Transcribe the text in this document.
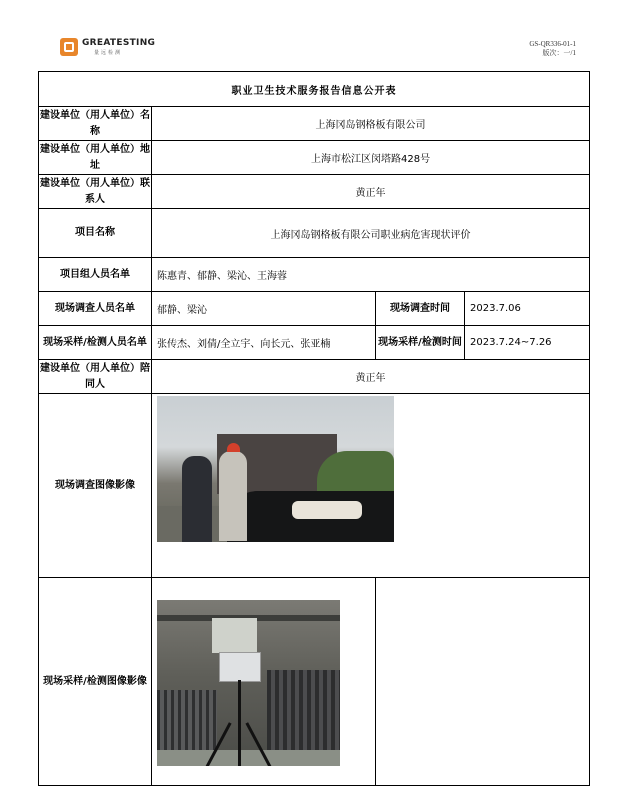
GREATESTING
量远检测
GS-QR336-01-1
版次：一/1
职业卫生技术服务报告信息公开表			
建设单位（用人单位）名称	上海冈岛钢格板有限公司		
建设单位（用人单位）地址	上海市松江区闵塔路428号		
建设单位（用人单位）联系人	黄正年		
项目名称	上海冈岛钢格板有限公司职业病危害现状评价		
项目组人员名单	陈惠青、郁静、梁沁、王海蓉		
现场调查人员名单	郁静、梁沁	现场调查时间	2023.7.06
现场采样/检测人员名单	张传杰、刘倩/全立宇、向长元、张亚楠	现场采样/检测时间	2023.7.24~7.26
建设单位（用人单位）陪同人	黄正年		
现场调查图像影像			

现场采样/检测图像影像		
